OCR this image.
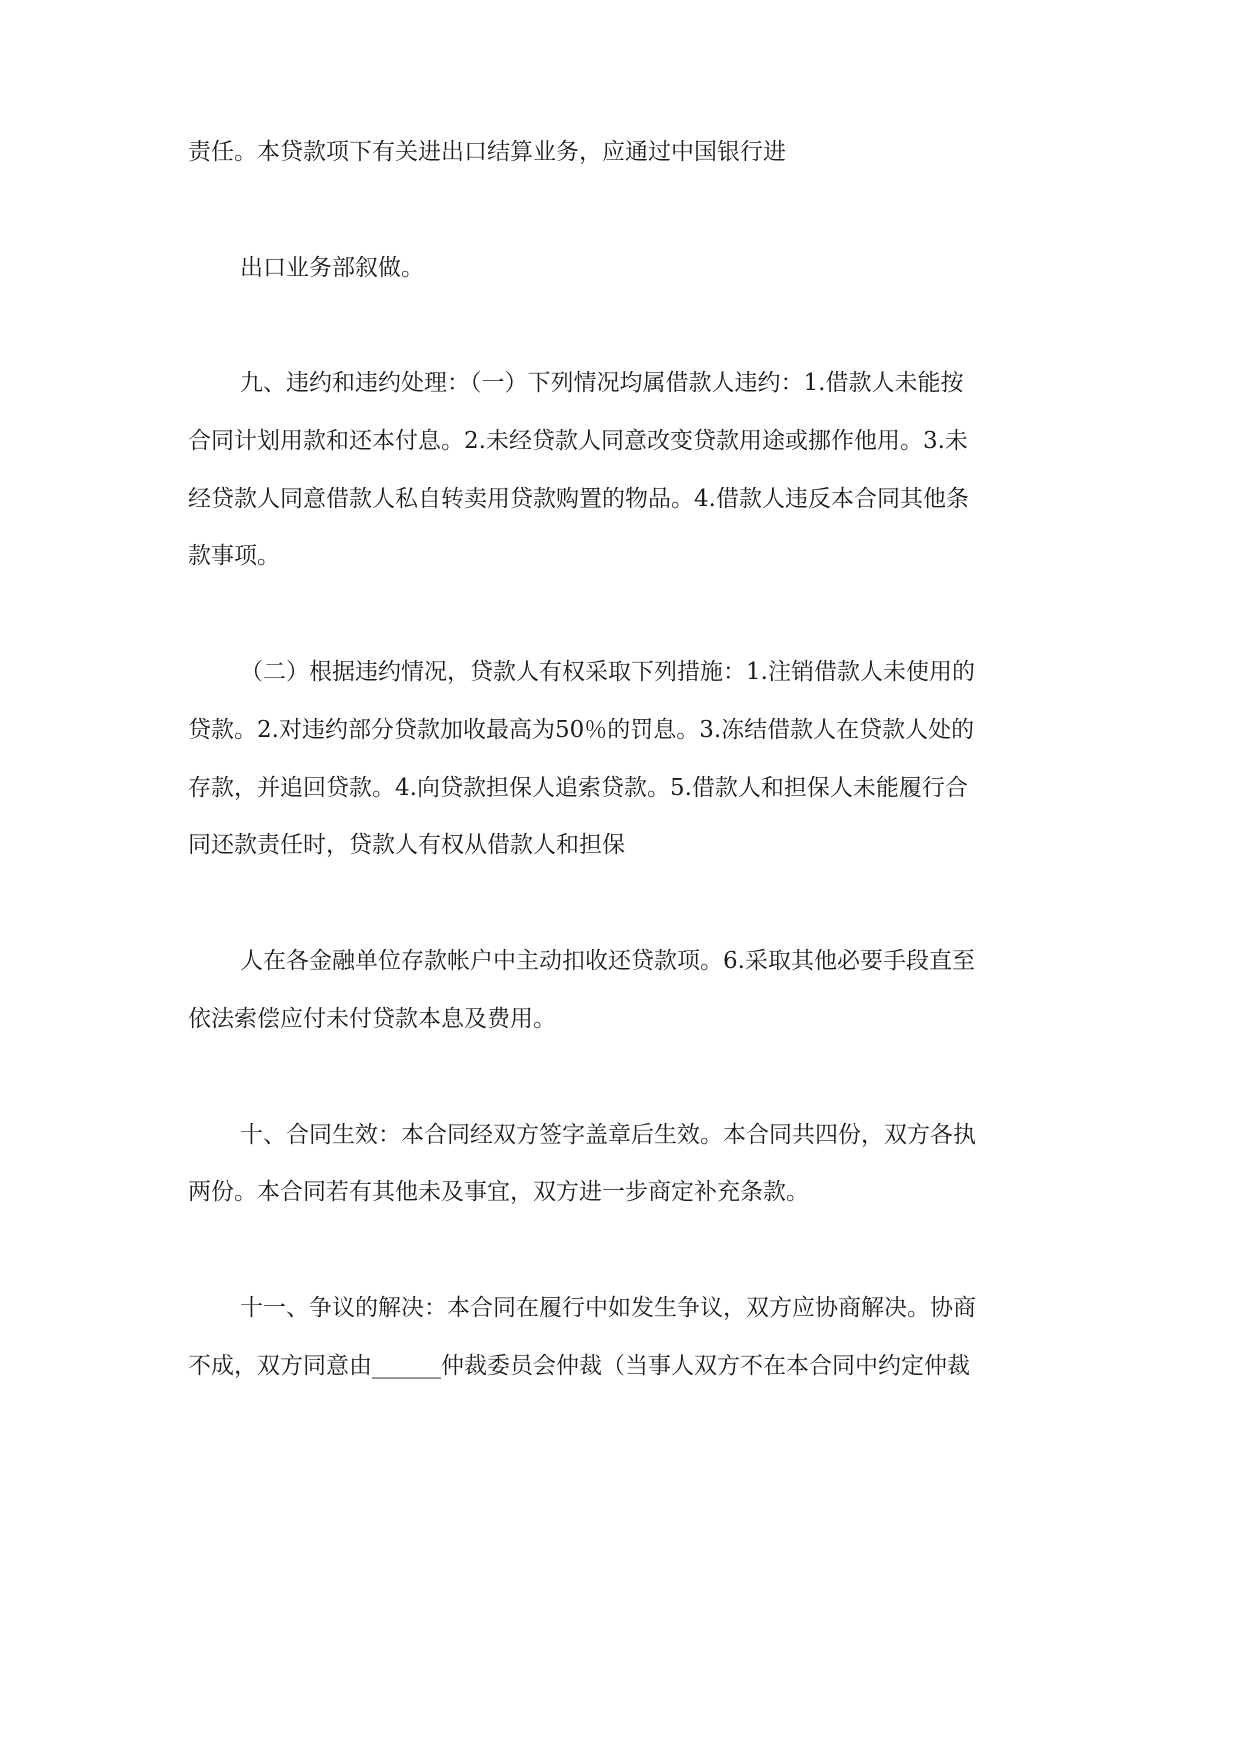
责任。本贷款项下有关进出口结算业务，应通过中国银行进
出口业务部叙做。
九、违约和违约处理：（一）下列情况均属借款人违约：1.借款人未能按
合同计划用款和还本付息。2.未经贷款人同意改变贷款用途或挪作他用。3.未
经贷款人同意借款人私自转卖用贷款购置的物品。4.借款人违反本合同其他条
款事项。
（二）根据违约情况，贷款人有权采取下列措施：1.注销借款人未使用的
贷款。2.对违约部分贷款加收最高为50％的罚息。3.冻结借款人在贷款人处的
存款，并追回贷款。4.向贷款担保人追索贷款。5.借款人和担保人未能履行合
同还款责任时，贷款人有权从借款人和担保
人在各金融单位存款帐户中主动扣收还贷款项。6.采取其他必要手段直至
依法索偿应付未付贷款本息及费用。
十、合同生效：本合同经双方签字盖章后生效。本合同共四份，双方各执
两份。本合同若有其他未及事宜，双方进一步商定补充条款。
十一、争议的解决：本合同在履行中如发生争议，双方应协商解决。协商
不成，双方同意由______仲裁委员会仲裁（当事人双方不在本合同中约定仲裁
